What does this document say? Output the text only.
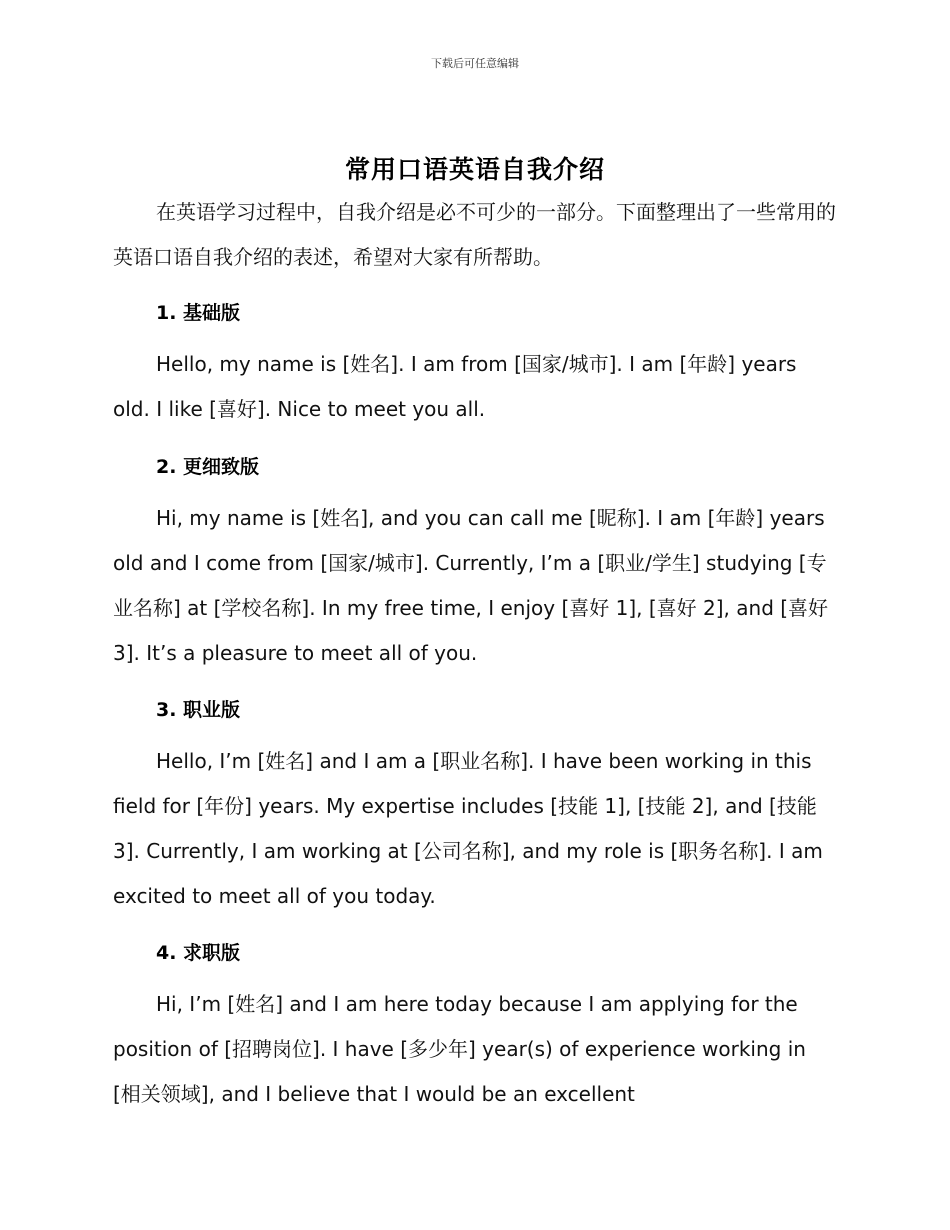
下载后可任意编辑
常用口语英语自我介绍

在英语学习过程中，自我介绍是必不可少的一部分。下面整理出了一些常用的英语口语自我介绍的表述，希望对大家有所帮助。

1. 基础版

Hello, my name is [姓名]. I am from [国家/城市]. I am [年龄] years old. I like [喜好]. Nice to meet you all.

2. 更细致版

Hi, my name is [姓名], and you can call me [昵称]. I am [年龄] years old and I come from [国家/城市]. Currently, I’m a [职业/学生] studying [专业名称] at [学校名称]. In my free time, I enjoy [喜好 1], [喜好 2], and [喜好 3]. It’s a pleasure to meet all of you.

3. 职业版

Hello, I’m [姓名] and I am a [职业名称]. I have been working in this field for [年份] years. My expertise includes [技能 1], [技能 2], and [技能 3]. Currently, I am working at [公司名称], and my role is [职务名称]. I am excited to meet all of you today.

4. 求职版

Hi, I’m [姓名] and I am here today because I am applying for the position of [招聘岗位]. I have [多少年] year(s) of experience working in [相关领域], and I believe that I would be an excellent
